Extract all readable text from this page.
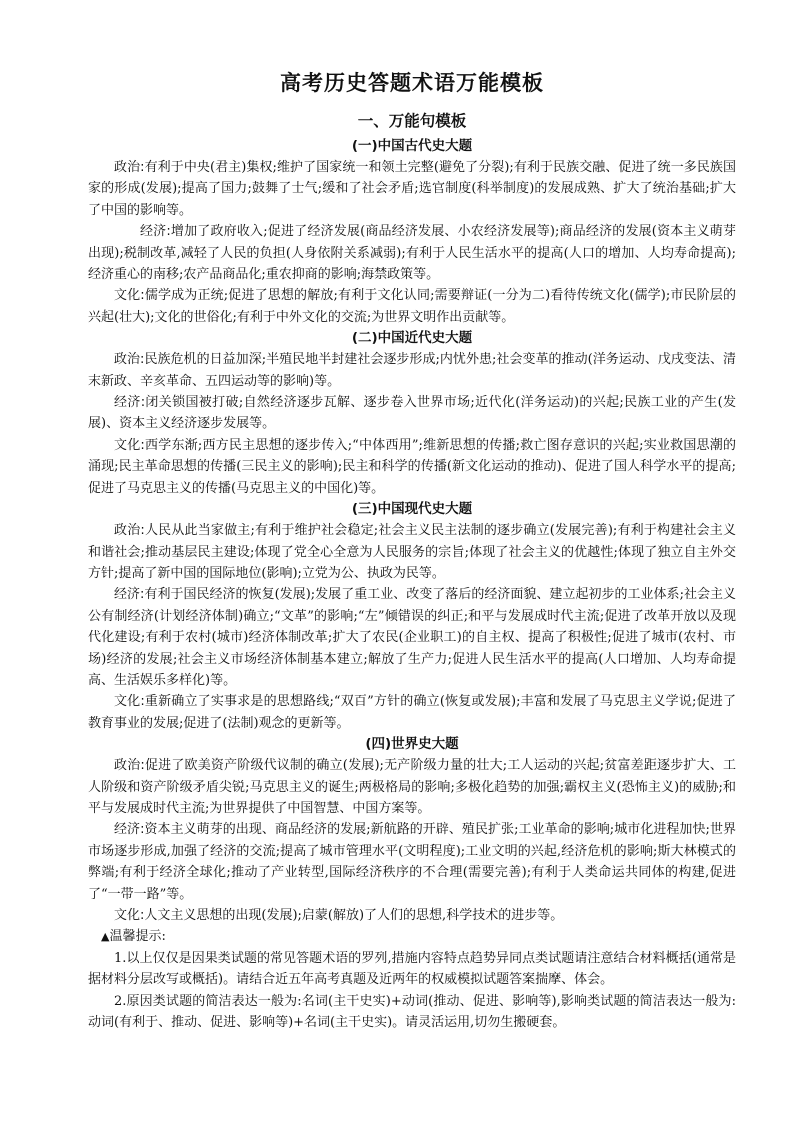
高考历史答题术语万能模板
一、万能句模板
(一)中国古代史大题

政治:有利于中央(君主)集权;维护了国家统一和领土完整(避免了分裂);有利于民族交融、促进了统一多民族国家的形成(发展);提高了国力;鼓舞了士气;缓和了社会矛盾;选官制度(科举制度)的发展成熟、扩大了统治基础;扩大了中国的影响等。

经济:增加了政府收入;促进了经济发展(商品经济发展、小农经济发展等);商品经济的发展(资本主义萌芽出现);税制改革,减轻了人民的负担(人身依附关系减弱);有利于人民生活水平的提高(人口的增加、人均寿命提高);经济重心的南移;农产品商品化;重农抑商的影响;海禁政策等。

文化:儒学成为正统;促进了思想的解放;有利于文化认同;需要辩证(一分为二)看待传统文化(儒学);市民阶层的兴起(壮大);文化的世俗化;有利于中外文化的交流;为世界文明作出贡献等。

(二)中国近代史大题

政治:民族危机的日益加深;半殖民地半封建社会逐步形成;内忧外患;社会变革的推动(洋务运动、戊戌变法、清末新政、辛亥革命、五四运动等的影响)等。

经济:闭关锁国被打破;自然经济逐步瓦解、逐步卷入世界市场;近代化(洋务运动)的兴起;民族工业的产生(发展)、资本主义经济逐步发展等。

文化:西学东渐;西方民主思想的逐步传入;“中体西用”;维新思想的传播;救亡图存意识的兴起;实业救国思潮的涌现;民主革命思想的传播(三民主义的影响);民主和科学的传播(新文化运动的推动)、促进了国人科学水平的提高;促进了马克思主义的传播(马克思主义的中国化)等。

(三)中国现代史大题

政治:人民从此当家做主;有利于维护社会稳定;社会主义民主法制的逐步确立(发展完善);有利于构建社会主义和谐社会;推动基层民主建设;体现了党全心全意为人民服务的宗旨;体现了社会主义的优越性;体现了独立自主外交方针;提高了新中国的国际地位(影响);立党为公、执政为民等。

经济:有利于国民经济的恢复(发展);发展了重工业、改变了落后的经济面貌、建立起初步的工业体系;社会主义公有制经济(计划经济体制)确立;“文革”的影响;“左”倾错误的纠正;和平与发展成时代主流;促进了改革开放以及现代化建设;有利于农村(城市)经济体制改革;扩大了农民(企业职工)的自主权、提高了积极性;促进了城市(农村、市场)经济的发展;社会主义市场经济体制基本建立;解放了生产力;促进人民生活水平的提高(人口增加、人均寿命提高、生活娱乐多样化)等。

文化:重新确立了实事求是的思想路线;“双百”方针的确立(恢复或发展);丰富和发展了马克思主义学说;促进了教育事业的发展;促进了(法制)观念的更新等。

(四)世界史大题

政治:促进了欧美资产阶级代议制的确立(发展);无产阶级力量的壮大;工人运动的兴起;贫富差距逐步扩大、工人阶级和资产阶级矛盾尖锐;马克思主义的诞生;两极格局的影响;多极化趋势的加强;霸权主义(恐怖主义)的威胁;和平与发展成时代主流;为世界提供了中国智慧、中国方案等。

经济:资本主义萌芽的出现、商品经济的发展;新航路的开辟、殖民扩张;工业革命的影响;城市化进程加快;世界市场逐步形成,加强了经济的交流;提高了城市管理水平(文明程度);工业文明的兴起,经济危机的影响;斯大林模式的弊端;有利于经济全球化;推动了产业转型,国际经济秩序的不合理(需要完善);有利于人类命运共同体的构建,促进了“一带一路”等。

文化:人文主义思想的出现(发展);启蒙(解放)了人们的思想,科学技术的进步等。

▲温馨提示:

1.以上仅仅是因果类试题的常见答题术语的罗列,措施内容特点趋势异同点类试题请注意结合材料概括(通常是据材料分层改写或概括)。请结合近五年高考真题及近两年的权威模拟试题答案揣摩、体会。

2.原因类试题的简洁表达一般为:名词(主干史实)+动词(推动、促进、影响等),影响类试题的简洁表达一般为:动词(有利于、推动、促进、影响等)+名词(主干史实)。请灵活运用,切勿生搬硬套。
